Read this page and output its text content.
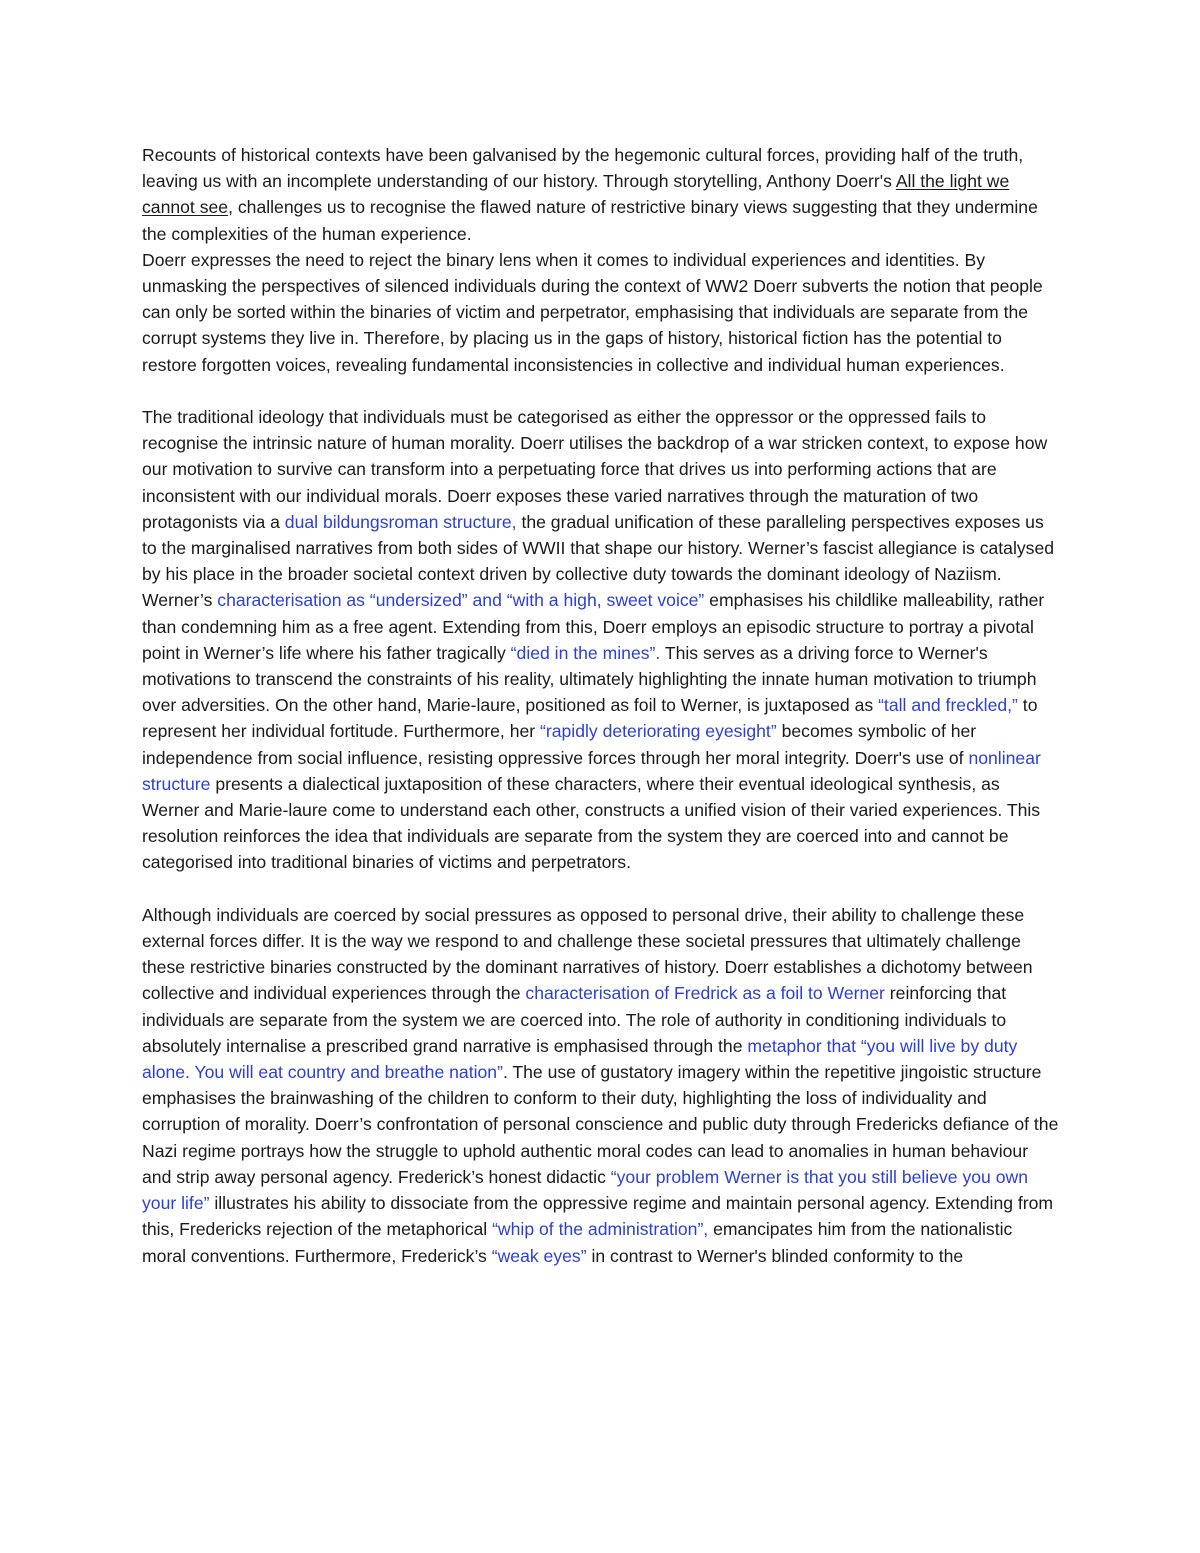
Recounts of historical contexts have been galvanised by the hegemonic cultural forces, providing half of the truth, leaving us with an incomplete understanding of our history. Through storytelling, Anthony Doerr's All the light we cannot see, challenges us to recognise the flawed nature of restrictive binary views suggesting that they undermine the complexities of the human experience.

Doerr expresses the need to reject the binary lens when it comes to individual experiences and identities. By unmasking the perspectives of silenced individuals during the context of WW2 Doerr subverts the notion that people can only be sorted within the binaries of victim and perpetrator, emphasising that individuals are separate from the corrupt systems they live in. Therefore, by placing us in the gaps of history, historical fiction has the potential to restore forgotten voices, revealing fundamental inconsistencies in collective and individual human experiences.

The traditional ideology that individuals must be categorised as either the oppressor or the oppressed fails to recognise the intrinsic nature of human morality. Doerr utilises the backdrop of a war stricken context, to expose how our motivation to survive can transform into a perpetuating force that drives us into performing actions that are inconsistent with our individual morals. Doerr exposes these varied narratives through the maturation of two protagonists via a dual bildungsroman structure, the gradual unification of these paralleling perspectives exposes us to the marginalised narratives from both sides of WWII that shape our history. Werner’s fascist allegiance is catalysed by his place in the broader societal context driven by collective duty towards the dominant ideology of Naziism. Werner’s characterisation as “undersized” and “with a high, sweet voice” emphasises his childlike malleability, rather than condemning him as a free agent. Extending from this, Doerr employs an episodic structure to portray a pivotal point in Werner’s life where his father tragically “died in the mines”. This serves as a driving force to Werner's motivations to transcend the constraints of his reality, ultimately highlighting the innate human motivation to triumph over adversities. On the other hand, Marie-laure, positioned as foil to Werner, is juxtaposed as “tall and freckled,” to represent her individual fortitude. Furthermore, her “rapidly deteriorating eyesight” becomes symbolic of her independence from social influence, resisting oppressive forces through her moral integrity. Doerr's use of nonlinear structure presents a dialectical juxtaposition of these characters, where their eventual ideological synthesis, as Werner and Marie-laure come to understand each other, constructs a unified vision of their varied experiences. This resolution reinforces the idea that individuals are separate from the system they are coerced into and cannot be categorised into traditional binaries of victims and perpetrators.

Although individuals are coerced by social pressures as opposed to personal drive, their ability to challenge these external forces differ. It is the way we respond to and challenge these societal pressures that ultimately challenge these restrictive binaries constructed by the dominant narratives of history. Doerr establishes a dichotomy between collective and individual experiences through the characterisation of Fredrick as a foil to Werner reinforcing that individuals are separate from the system we are coerced into. The role of authority in conditioning individuals to absolutely internalise a prescribed grand narrative is emphasised through the metaphor that “you will live by duty alone. You will eat country and breathe nation”. The use of gustatory imagery within the repetitive jingoistic structure emphasises the brainwashing of the children to conform to their duty, highlighting the loss of individuality and corruption of morality. Doerr’s confrontation of personal conscience and public duty through Fredericks defiance of the Nazi regime portrays how the struggle to uphold authentic moral codes can lead to anomalies in human behaviour and strip away personal agency. Frederick’s honest didactic “your problem Werner is that you still believe you own your life” illustrates his ability to dissociate from the oppressive regime and maintain personal agency. Extending from this, Fredericks rejection of the metaphorical “whip of the administration”, emancipates him from the nationalistic moral conventions. Furthermore, Frederick’s “weak eyes” in contrast to Werner's blinded conformity to the
